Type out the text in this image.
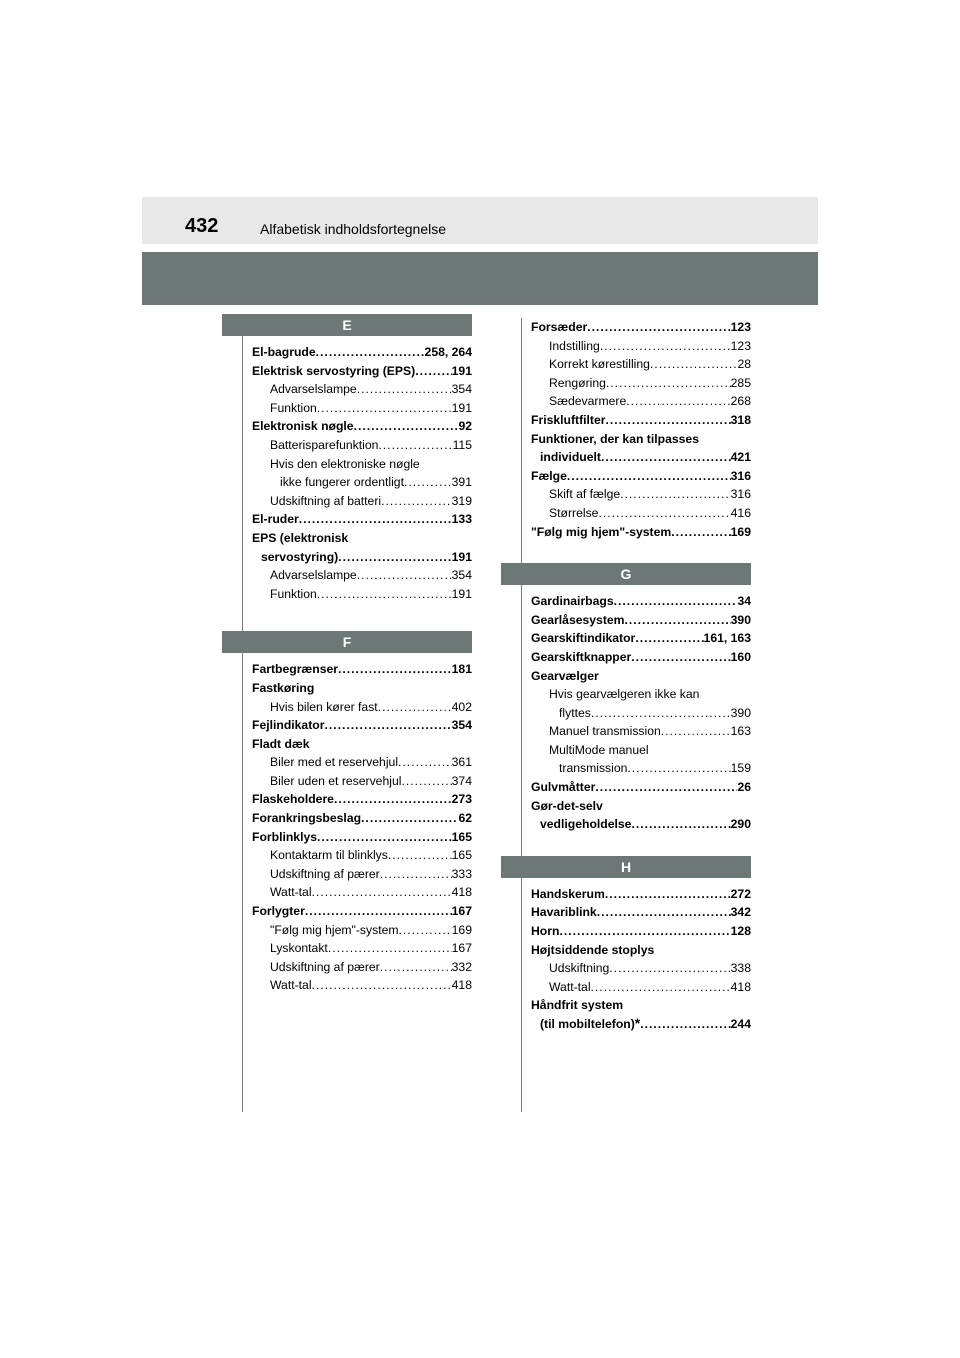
432	Alfabetisk indholdsfortegnelse
E
El-bagrude .....	258, 264
Elektrisk servostyring (EPS) .....	191
Advarselslampe .....	354
Funktion .....	191
Elektronisk nøgle .....	92
Batterisparefunktion .....	115
Hvis den elektroniske nøgle
ikke fungerer ordentligt .....	391
Udskiftning af batteri .....	319
El-ruder .....	133
EPS (elektronisk
servostyring) .....	191
Advarselslampe .....	354
Funktion .....	191
F
Fartbegrænser .....	181
Fastkøring
Hvis bilen kører fast .....	402
Fejlindikator .....	354
Fladt dæk
Biler med et reservehjul .....	361
Biler uden et reservehjul .....	374
Flaskeholdere .....	273
Forankringsbeslag .....	62
Forblinklys .....	165
Kontaktarm til blinklys .....	165
Udskiftning af pærer .....	333
Watt-tal .....	418
Forlygter .....	167
"Følg mig hjem"-system .....	169
Lyskontakt .....	167
Udskiftning af pærer .....	332
Watt-tal .....	418
Forsæder .....	123
Indstilling .....	123
Korrekt kørestilling .....	28
Rengøring .....	285
Sædevarmere .....	268
Friskluftfilter .....	318
Funktioner, der kan tilpasses
individuelt .....	421
Fælge .....	316
Skift af fælge .....	316
Størrelse .....	416
"Følg mig hjem"-system .....	169
G
Gardinairbags .....	34
Gearlåsesystem .....	390
Gearskiftindikator .....	161, 163
Gearskiftknapper .....	160
Gearvælger
Hvis gearvælgeren ikke kan
flyttes .....	390
Manuel transmission .....	163
MultiMode manuel
transmission .....	159
Gulvmåtter .....	26
Gør-det-selv
vedligeholdelse .....	290
H
Handskerum .....	272
Havariblink .....	342
Horn .....	128
Højtsiddende stoplys
Udskiftning .....	338
Watt-tal .....	418
Håndfrit system
(til mobiltelefon) * .....	244
